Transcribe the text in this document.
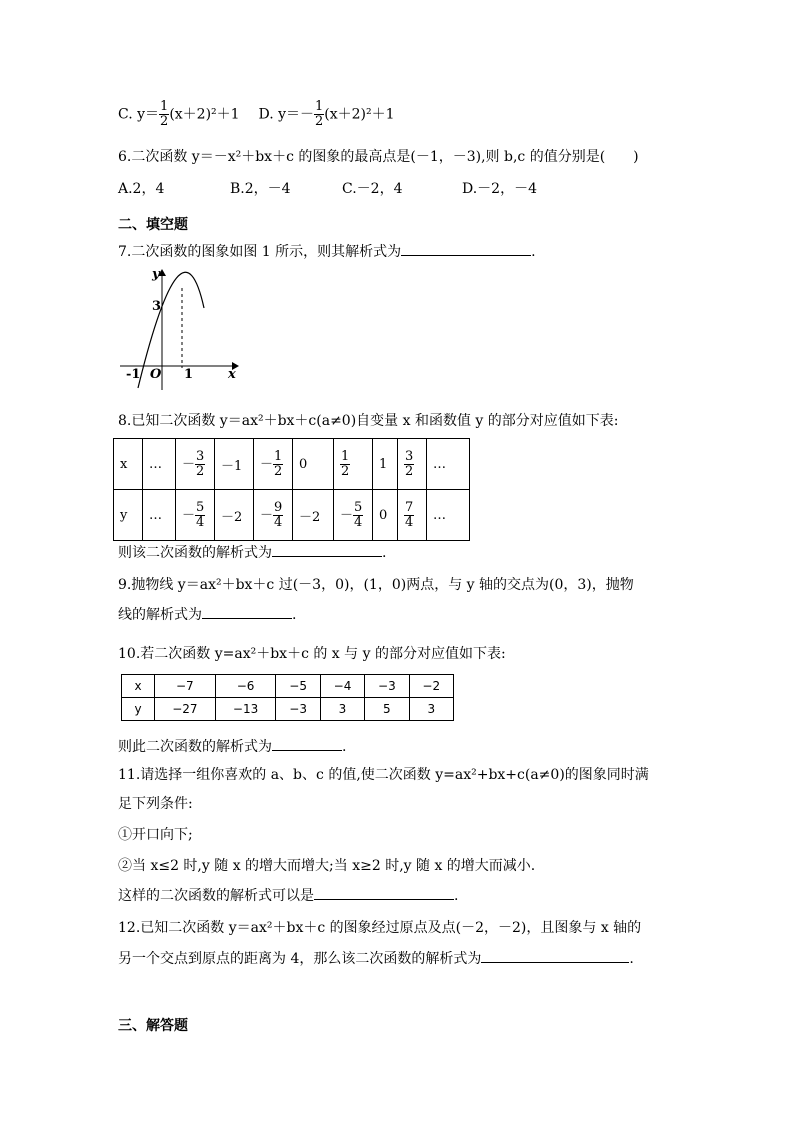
C. $y= \frac{1}{2} (x+2)^2+1$ D. $y=- \frac{1}{2} (x+2)^2+1$
6.二次函数 y＝－x²＋bx＋c 的图象的最高点是(－1，－3),则 b,c 的值分别是(　　)
A.2，4	B.2，－4	C.－2，4	D.－2，－4
二、填空题
7.二次函数的图象如图 1 所示，则其解析式为	.
y
x
3
-1 O 1
8.已知二次函数 y＝ax²＋bx＋c(a≠0)自变量 x 和函数值 y 的部分对应值如下表:
x	…	－ $\frac{3}{2}$	－1	－ $\frac{1}{2}$	0	$\frac{1}{2}$	1	$\frac{3}{2}$	…
y	…	－ $\frac{5}{4}$	－2	－ $\frac{9}{4}$	－2	－ $\frac{5}{4}$	0	$\frac{7}{4}$	…
则该二次函数的解析式为	.
9.抛物线 y＝ax²＋bx＋c 过(－3，0)，(1，0)两点，与 y 轴的交点为(0，3)，抛物
线的解析式为	.
10.若二次函数 y=ax²＋bx＋c 的 x 与 y 的部分对应值如下表:
x	−7	−6	−5	−4	−3	−2
y	−27	−13	−3	3	5	3
则此二次函数的解析式为	.
11.请选择一组你喜欢的 a、b、c 的值,使二次函数 y=ax²+bx+c(a≠0)的图象同时满
足下列条件:
①开口向下;
②当 x≤2 时,y 随 x 的增大而增大;当 x≥2 时,y 随 x 的增大而减小.
这样的二次函数的解析式可以是	.
12.已知二次函数 y＝ax²＋bx＋c 的图象经过原点及点(－2，－2)，且图象与 x 轴的
另一个交点到原点的距离为 4，那么该二次函数的解析式为	.
三、解答题
